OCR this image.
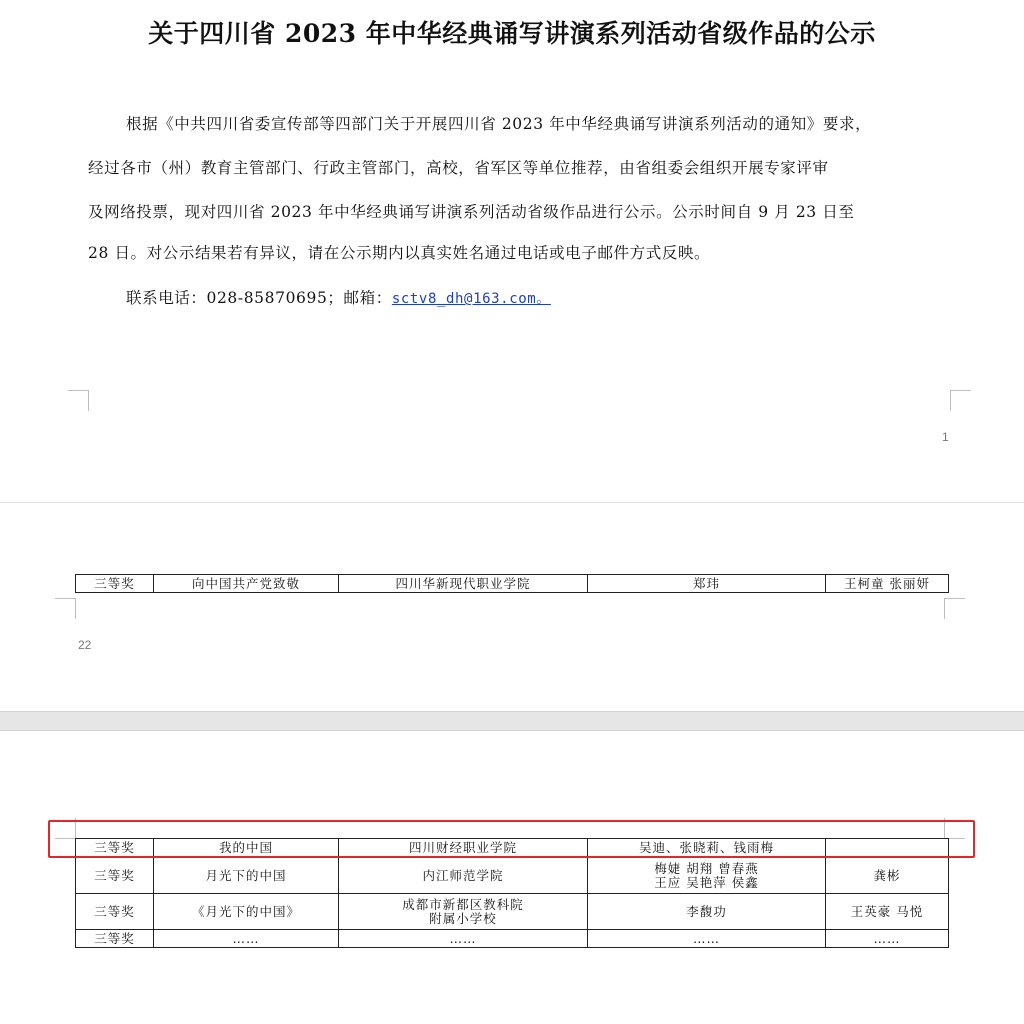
关于四川省 2023 年中华经典诵写讲演系列活动省级作品的公示
根据《中共四川省委宣传部等四部门关于开展四川省 2023 年中华经典诵写讲演系列活动的通知》要求，
经过各市（州）教育主管部门、行政主管部门，高校，省军区等单位推荐，由省组委会组织开展专家评审
及网络投票，现对四川省 2023 年中华经典诵写讲演系列活动省级作品进行公示。公示时间自 9 月 23 日至
28 日。对公示结果若有异议，请在公示期内以真实姓名通过电话或电子邮件方式反映。
联系电话：028-85870695；邮箱：sctv8_dh@163.com。
1
三等奖	向中国共产党致敬	四川华新现代职业学院	郑玮	王柯童 张丽妍
22
三等奖	我的中国	四川财经职业学院	吴迪、张晓莉、钱雨梅	
三等奖	月光下的中国	内江师范学院	梅婕 胡翔 曾春燕
王应 吴艳萍 侯鑫	龚彬
三等奖	《月光下的中国》	成都市新都区教科院
附属小学校	李馥功	王英豪 马悦
三等奖	……	……	……	……
